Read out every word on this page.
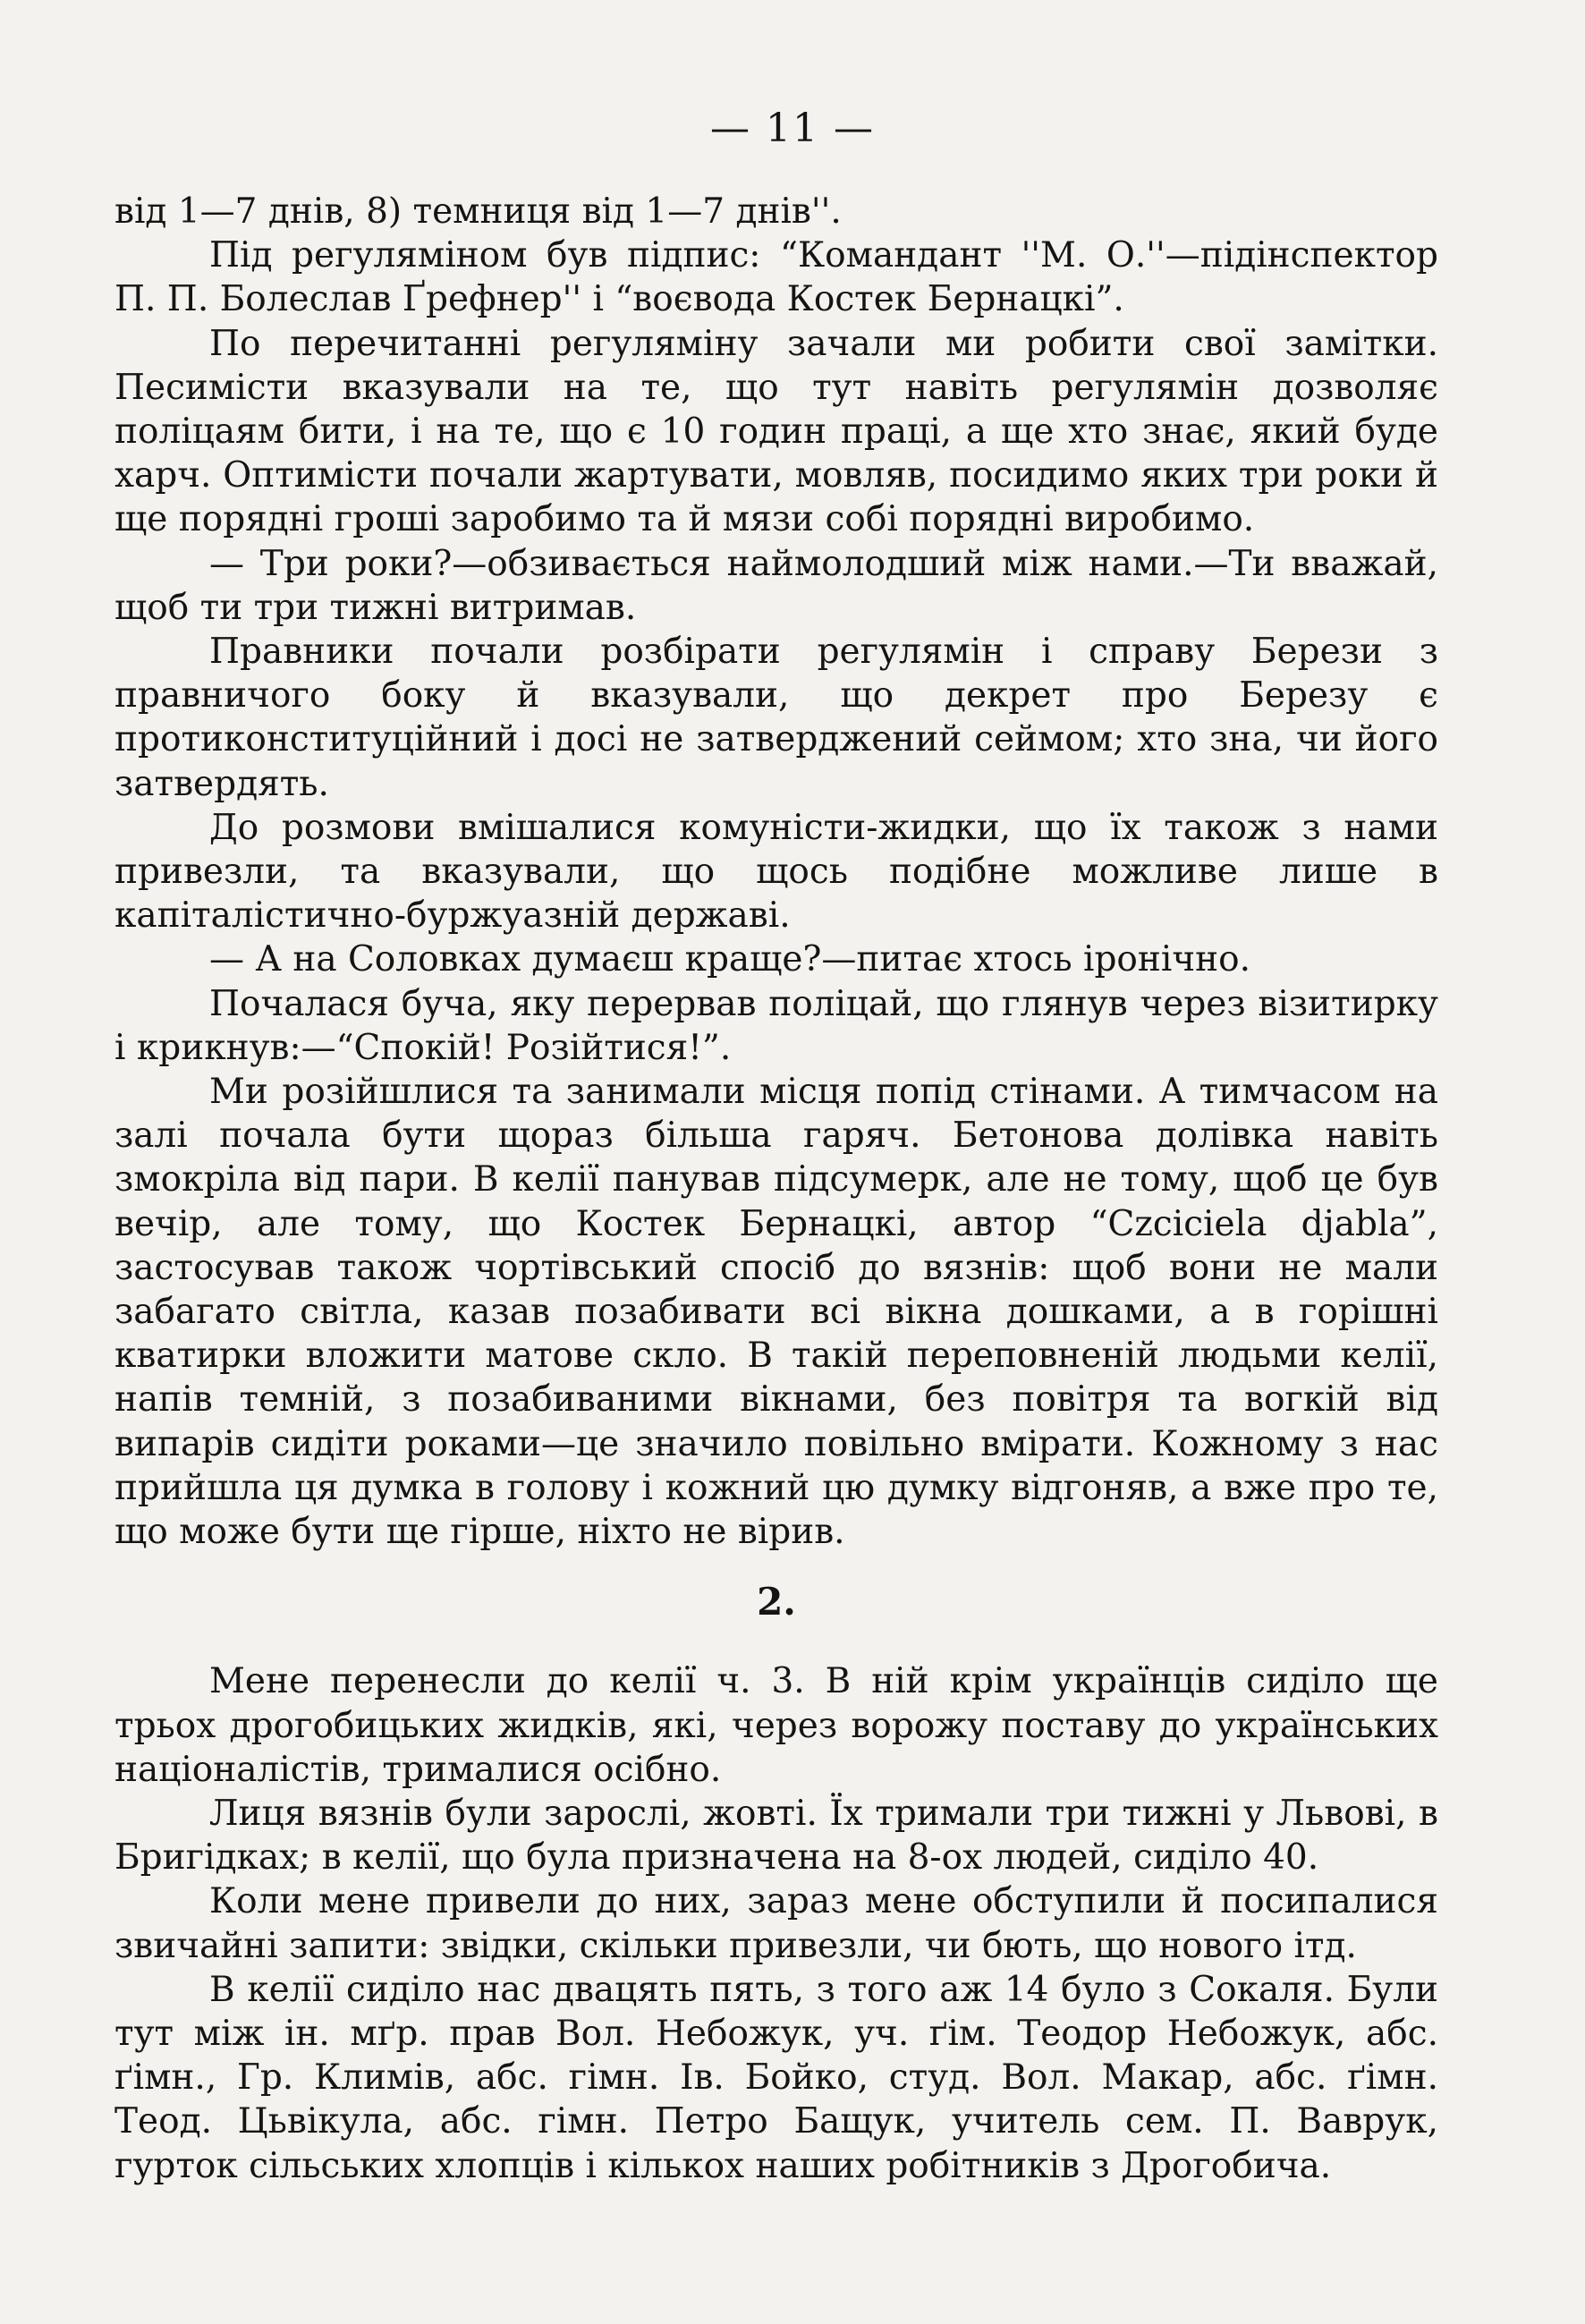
— 11 —

від 1—7 днів, 8) темниця від 1—7 днів''.

Під регуляміном був підпис: “Командант ''М. О.''—підінспектор П. П. Болеслав Ґрефнер'' і “воєвода Костек Бернацкі”.

По перечитанні регуляміну зачали ми робити свої замітки. Песимісти вказували на те, що тут навіть регулямін дозволяє поліцаям бити, і на те, що є 10 годин праці, а ще хто знає, який буде харч. Оптимісти почали жартувати, мовляв, посидимо яких три роки й ще порядні гроші заробимо та й мязи собі порядні виробимо.

— Три роки?—обзивається наймолодший між нами.—Ти вважай, щоб ти три тижні витримав.

Правники почали розбірати регулямін і справу Берези з правничого боку й вказували, що декрет про Березу є протиконституційний і досі не затверджений сеймом; хто зна, чи його затвердять.

До розмови вмішалися комуністи-жидки, що їх також з нами привезли, та вказували, що щось подібне можливе лише в капіталістично-буржуазній державі.

— А на Соловках думаєш краще?—питає хтось іронічно.

Почалася буча, яку перервав поліцай, що глянув через візитирку і крикнув:—“Спокій! Розійтися!”.

Ми розійшлися та занимали місця попід стінами. А тимчасом на залі почала бути щораз більша гаряч. Бетонова долівка навіть змокріла від пари. В келії панував підсумерк, але не тому, щоб це був вечір, але тому, що Костек Бернацкі, автор “Czciciela djabla”, застосував також чортівський спосіб до вязнів: щоб вони не мали забагато світла, казав позабивати всі вікна дошками, а в горішні кватирки вложити матове скло. В такій переповненій людьми келії, напів темній, з позабиваними вікнами, без повітря та вогкій від випарів сидіти роками—це значило повільно вмірати. Кожному з нас прийшла ця думка в голову і кожний цю думку відгоняв, а вже про те, що може бути ще гірше, ніхто не вірив.

2.

Мене перенесли до келії ч. 3. В ній крім українців сиділо ще трьох дрогобицьких жидків, які, через ворожу поставу до українських націоналістів, трималися осібно.

Лиця вязнів були зарослі, жовті. Їх тримали три тижні у Львові, в Бригідках; в келії, що була призначена на 8-ох людей, сиділо 40.

Коли мене привели до них, зараз мене обступили й посипалися звичайні запити: звідки, скільки привезли, чи бють, що нового ітд.

В келії сиділо нас двацять пять, з того аж 14 було з Сокаля. Були тут між ін. мґр. прав Вол. Небожук, уч. ґім. Теодор Небожук, абс. ґімн., Гр. Климів, абс. гімн. Ів. Бойко, студ. Вол. Макар, абс. ґімн. Теод. Цьвікула, абс. гімн. Петро Бащук, учитель сем. П. Ваврук, гурток сільських хлопців і кількох наших робітників з Дрогобича.
